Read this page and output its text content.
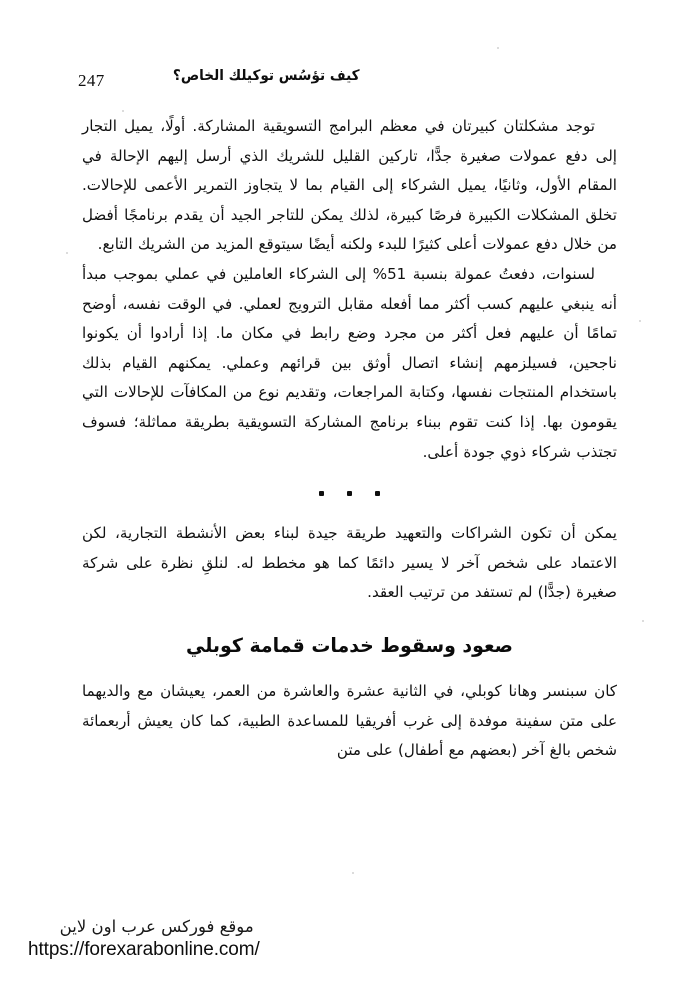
247	كيف تؤسُس توكيلك الخاص؟

توجد مشكلتان كبيرتان في معظم البرامج التسويقية المشاركة. أولًا، يميل التجار إلى دفع عمولات صغيرة جدًّا، تاركين القليل للشريك الذي أرسل إليهم الإحالة في المقام الأول، وثانيًا، يميل الشركاء إلى القيام بما لا يتجاوز التمرير الأعمى للإحالات. تخلق المشكلات الكبيرة فرصًا كبيرة، لذلك يمكن للتاجر الجيد أن يقدم برنامجًا أفضل من خلال دفع عمولات أعلى كثيرًا للبدء ولكنه أيضًا سيتوقع المزيد من الشريك التابع.

لسنوات، دفعتُ عمولة بنسبة 51% إلى الشركاء العاملين في عملي بموجب مبدأ أنه ينبغي عليهم كسب أكثر مما أفعله مقابل الترويج لعملي. في الوقت نفسه، أوضح تمامًا أن عليهم فعل أكثر من مجرد وضع رابط في مكان ما. إذا أرادوا أن يكونوا ناجحين، فسيلزمهم إنشاء اتصال أوثق بين قرائهم وعملي. يمكنهم القيام بذلك باستخدام المنتجات نفسها، وكتابة المراجعات، وتقديم نوع من المكافآت للإحالات التي يقومون بها. إذا كنت تقوم ببناء برنامج المشاركة التسويقية بطريقة مماثلة؛ فسوف تجتذب شركاء ذوي جودة أعلى.

يمكن أن تكون الشراكات والتعهيد طريقة جيدة لبناء بعض الأنشطة التجارية، لكن الاعتماد على شخص آخر لا يسير دائمًا كما هو مخطط له. لنلقِ نظرة على شركة صغيرة (جدًّا) لم تستفد من ترتيب العقد.

صعود وسقوط خدمات قمامة كوبلي

كان سبنسر وهانا كوبلي، في الثانية عشرة والعاشرة من العمر، يعيشان مع والديهما على متن سفينة موفدة إلى غرب أفريقيا للمساعدة الطبية، كما كان يعيش أربعمائة شخص بالغ آخر (بعضهم مع أطفال) على متن

موقع فوركس عرب اون لاين
https://forexarabonline.com/
